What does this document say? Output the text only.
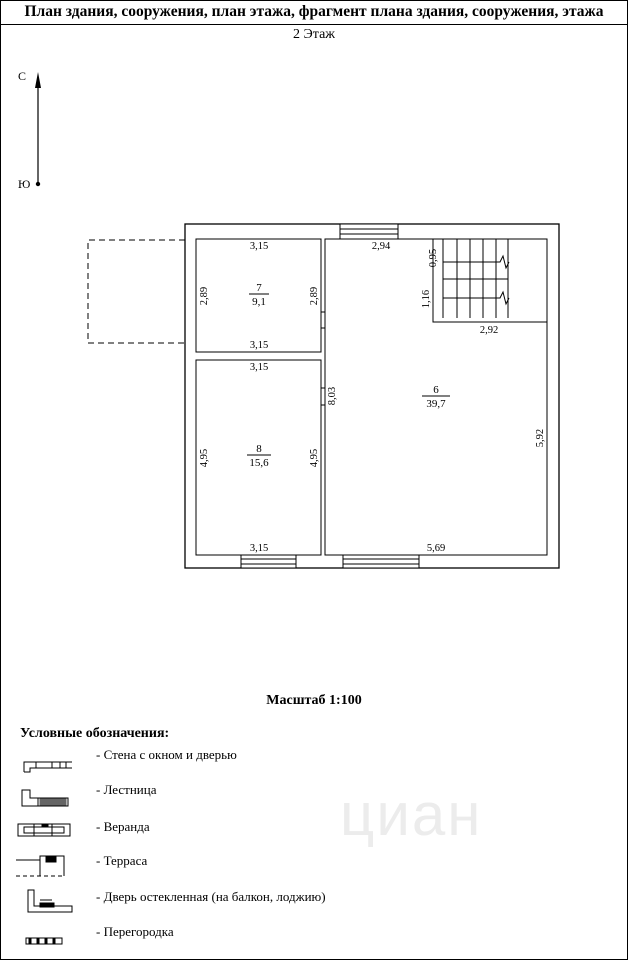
План здания, сооружения, план этажа, фрагмент плана здания, сооружения, этажа
2 Этаж
С
Ю
7
9,1
8
15,6
6
39,7
3,15
3,15
2,89	2,89
3,15
3,15
4,95	4,95
8,03
2,94
5,69
5,92
0,95
1,16
2,92
циан
Масштаб 1:100
Условные обозначения:
- Стена с окном и дверью
- Лестница
- Веранда
- Терраса
- Дверь остекленная (на балкон, лоджию)
- Перегородка
